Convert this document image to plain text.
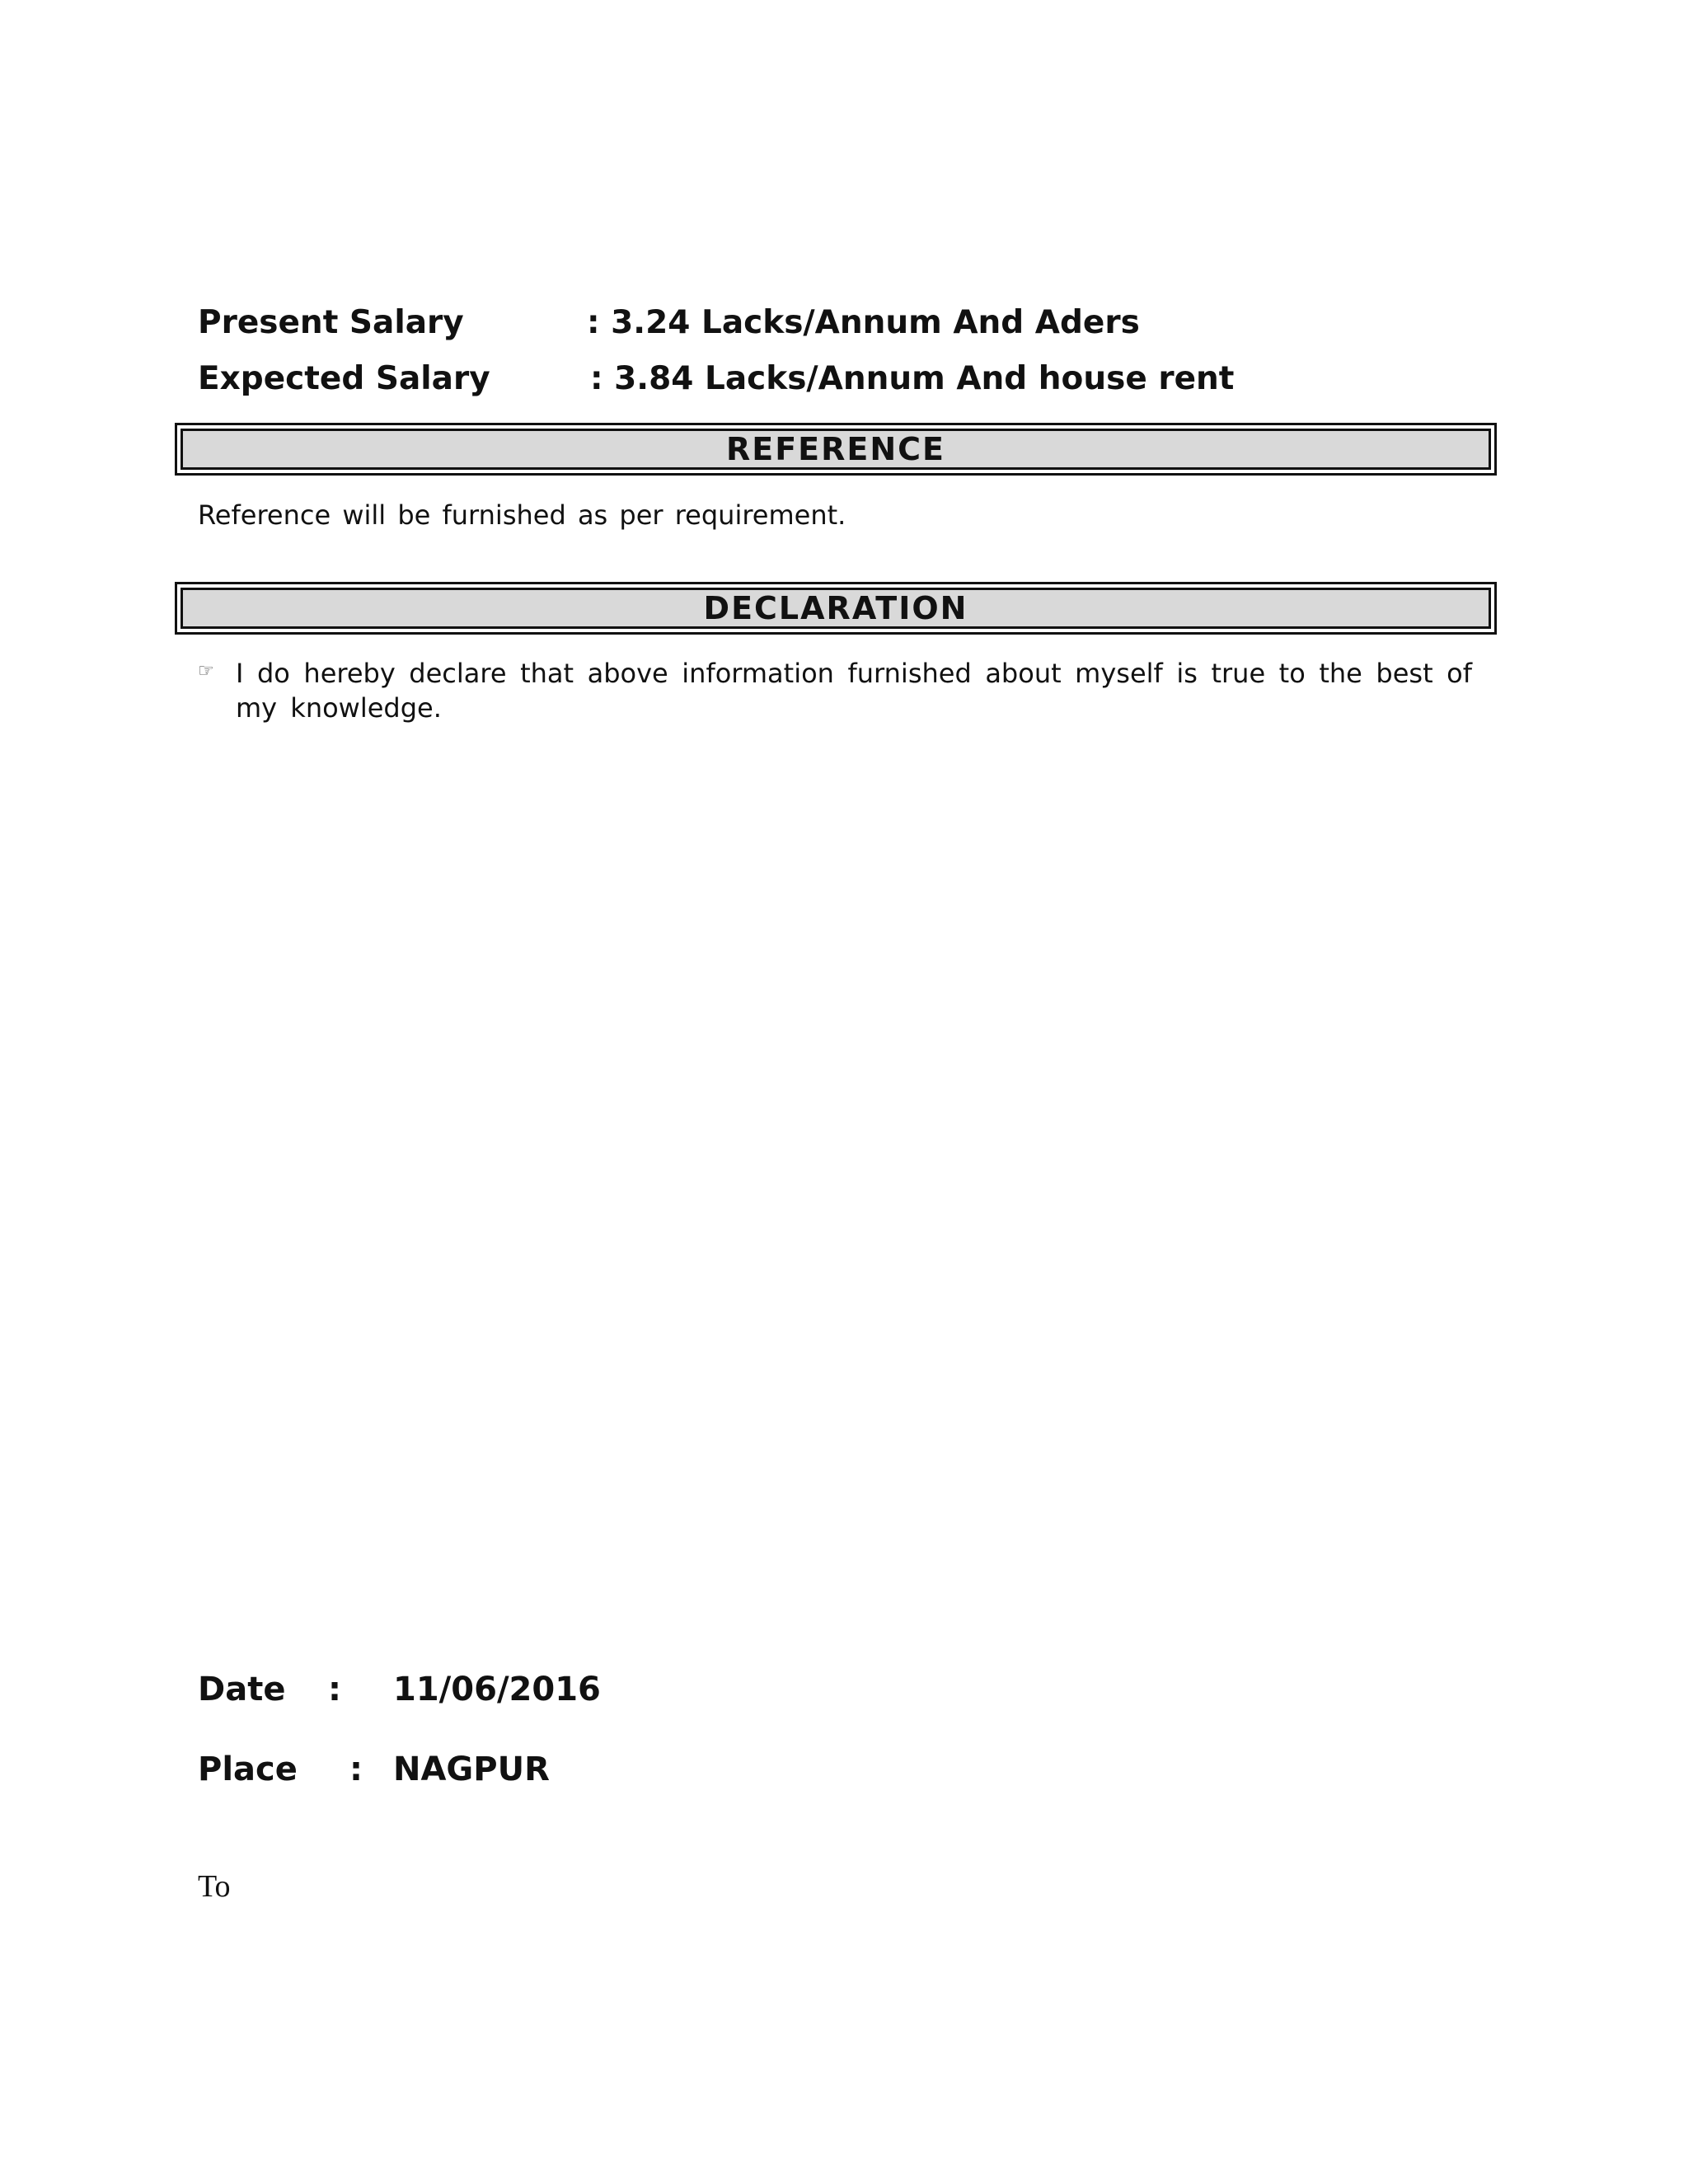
Present Salary	: 3.24 Lacks/Annum And Aders
Expected Salary	: 3.84 Lacks/Annum And house rent
REFERENCE
Reference will be furnished as per requirement.
DECLARATION
☞ I do hereby declare that above information furnished about myself is true to the best of my knowledge.
Date : 11/06/2016
Place : NAGPUR
To
